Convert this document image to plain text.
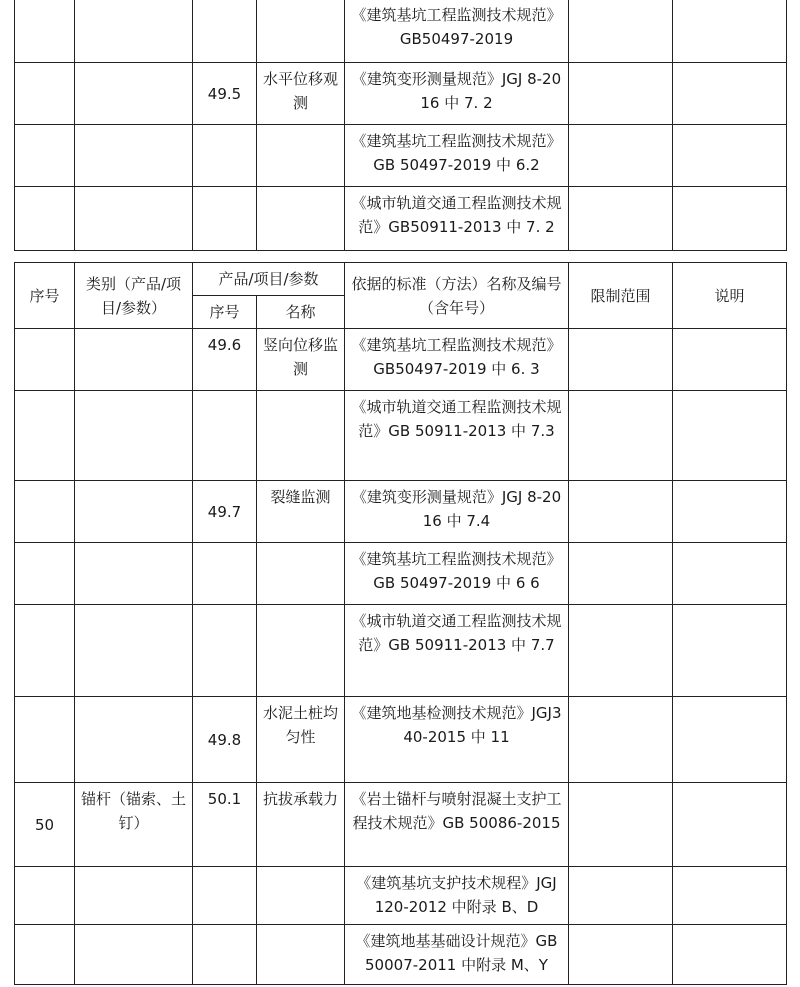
				《建筑基坑工程监测技术规范》GB50497-2019		
		49.5	水平位移观测	《建筑变形测量规范》JGJ 8-2016 中 7. 2		
				《建筑基坑工程监测技术规范》GB 50497-2019 中 6.2		
				《城市轨道交通工程监测技术规范》GB50911-2013 中 7. 2		
序号	类别（产品/项目/参数）	产品/项目/参数		依据的标准（方法）名称及编号（含年号）	限制范围	说明
		序号	名称			
		49.6	竖向位移监测	《建筑基坑工程监测技术规范》GB50497-2019 中 6. 3		
				《城市轨道交通工程监测技术规范》GB 50911-2013 中 7.3		
		49.7	裂缝监测	《建筑变形测量规范》JGJ 8-2016 中 7.4		
				《建筑基坑工程监测技术规范》GB 50497-2019 中 6 6		
				《城市轨道交通工程监测技术规范》GB 50911-2013 中 7.7		
		49.8	水泥土桩均匀性	《建筑地基检测技术规范》JGJ340-2015 中 11		
50	锚杆（锚索、土钉）	50.1	抗拔承载力	《岩土锚杆与喷射混凝土支护工程技术规范》GB 50086-2015		
				《建筑基坑支护技术规程》JGJ 120-2012 中附录 B、D		
				《建筑地基基础设计规范》GB50007-2011 中附录 M、Y		
